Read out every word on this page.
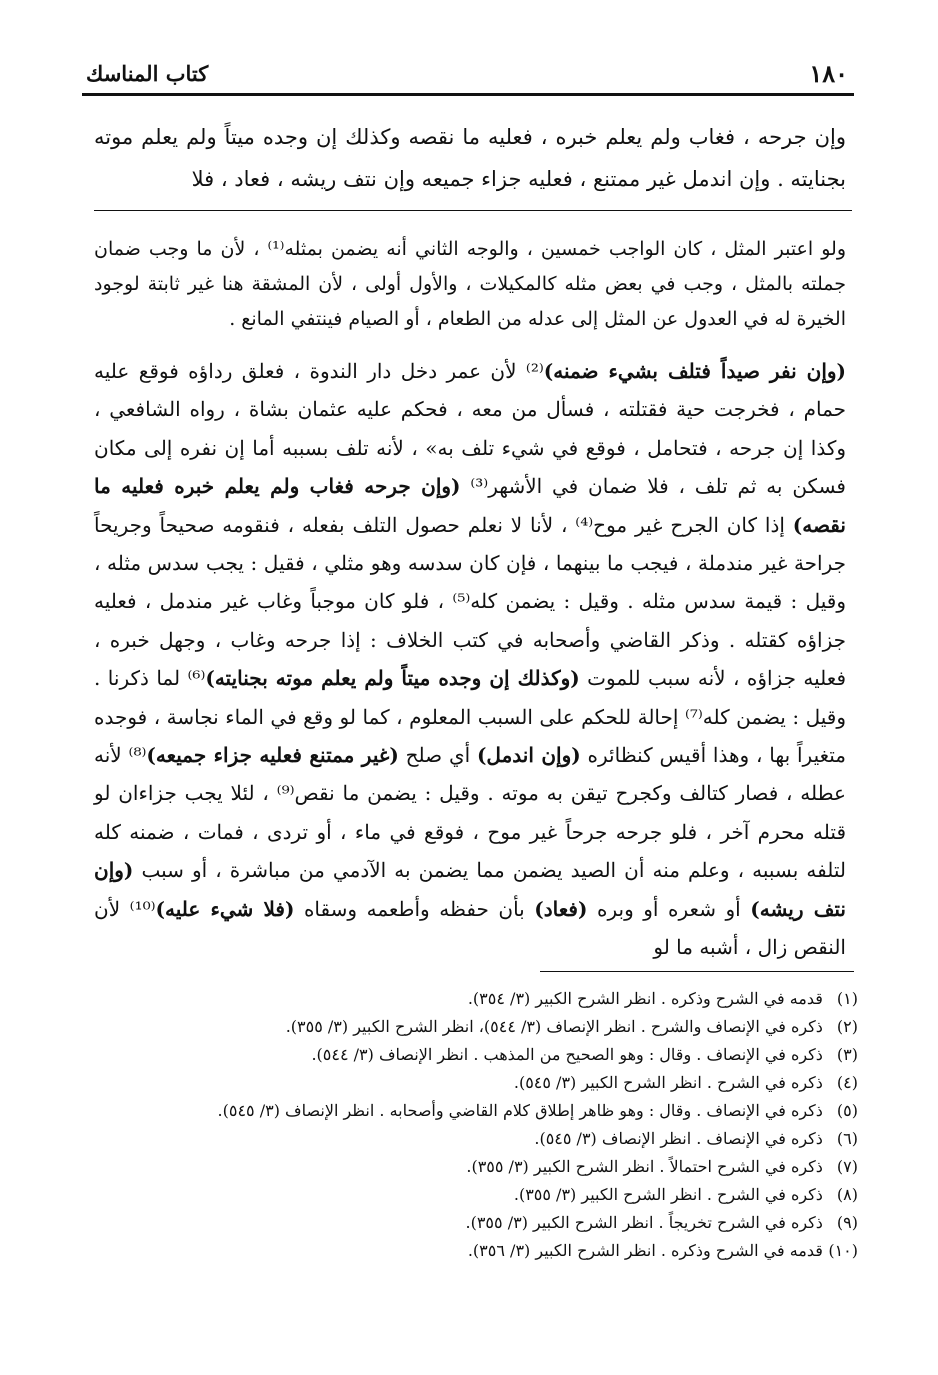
١٨٠
كتاب المناسك

وإن جرحه ، فغاب ولم يعلم خبره ، فعليه ما نقصه وكذلك إن وجده ميتاً ولم يعلم موته بجنايته . وإن اندمل غير ممتنع ، فعليه جزاء جميعه وإن نتف ريشه ، فعاد ، فلا

ولو اعتبر المثل ، كان الواجب خمسين ، والوجه الثاني أنه يضمن بمثله⁽¹⁾ ، لأن ما وجب ضمان جملته بالمثل ، وجب في بعض مثله كالمكيلات ، والأول أولى ، لأن المشقة هنا غير ثابتة لوجود الخيرة له في العدول عن المثل إلى عدله من الطعام ، أو الصيام فينتفي المانع .

(وإن نفر صيداً فتلف بشيء ضمنه)⁽²⁾ لأن عمر دخل دار الندوة ، فعلق رداؤه فوقع عليه حمام ، فخرجت حية فقتلته ، فسأل من معه ، فحكم عليه عثمان بشاة ، رواه الشافعي ، وكذا إن جرحه ، فتحامل ، فوقع في شيء تلف به» ، لأنه تلف بسببه أما إن نفره إلى مكان فسكن به ثم تلف ، فلا ضمان في الأشهر⁽³⁾ (وإن جرحه فغاب ولم يعلم خبره فعليه ما نقصه) إذا كان الجرح غير موح⁽⁴⁾ ، لأنا لا نعلم حصول التلف بفعله ، فنقومه صحيحاً وجريحاً جراحة غير مندملة ، فيجب ما بينهما ، فإن كان سدسه وهو مثلي ، فقيل : يجب سدس مثله ، وقيل : قيمة سدس مثله . وقيل : يضمن كله⁽⁵⁾ ، فلو كان موجباً وغاب غير مندمل ، فعليه جزاؤه كقتله . وذكر القاضي وأصحابه في كتب الخلاف : إذا جرحه وغاب ، وجهل خبره ، فعليه جزاؤه ، لأنه سبب للموت (وكذلك إن وجده ميتاً ولم يعلم موته بجنايته)⁽⁶⁾ لما ذكرنا . وقيل : يضمن كله⁽⁷⁾ إحالة للحكم على السبب المعلوم ، كما لو وقع في الماء نجاسة ، فوجده متغيراً بها ، وهذا أقيس كنظائره (وإن اندمل) أي صلح (غير ممتنع فعليه جزاء جميعه)⁽⁸⁾ لأنه عطله ، فصار كتالف وكجرح تيقن به موته . وقيل : يضمن ما نقص⁽⁹⁾ ، لئلا يجب جزاءان لو قتله محرم آخر ، فلو جرحه جرحاً غير موح ، فوقع في ماء ، أو تردى ، فمات ، ضمنه كله لتلفه بسببه ، وعلم منه أن الصيد يضمن مما يضمن به الآدمي من مباشرة ، أو سبب (وإن نتف ريشه) أو شعره أو وبره (فعاد) بأن حفظه وأطعمه وسقاه (فلا شيء عليه)⁽¹⁰⁾ لأن النقص زال ، أشبه ما لو

(١) قدمه في الشرح وذكره . انظر الشرح الكبير (٣/ ٣٥٤).
(٢) ذكره في الإنصاف والشرح . انظر الإنصاف (٣/ ٥٤٤)، انظر الشرح الكبير (٣/ ٣٥٥).
(٣) ذكره في الإنصاف . وقال : وهو الصحيح من المذهب . انظر الإنصاف (٣/ ٥٤٤).
(٤) ذكره في الشرح . انظر الشرح الكبير (٣/ ٥٤٥).
(٥) ذكره في الإنصاف . وقال : وهو ظاهر إطلاق كلام القاضي وأصحابه . انظر الإنصاف (٣/ ٥٤٥).
(٦) ذكره في الإنصاف . انظر الإنصاف (٣/ ٥٤٥).
(٧) ذكره في الشرح احتمالاً . انظر الشرح الكبير (٣/ ٣٥٥).
(٨) ذكره في الشرح . انظر الشرح الكبير (٣/ ٣٥٥).
(٩) ذكره في الشرح تخريجاً . انظر الشرح الكبير (٣/ ٣٥٥).
(١٠) قدمه في الشرح وذكره . انظر الشرح الكبير (٣/ ٣٥٦).
